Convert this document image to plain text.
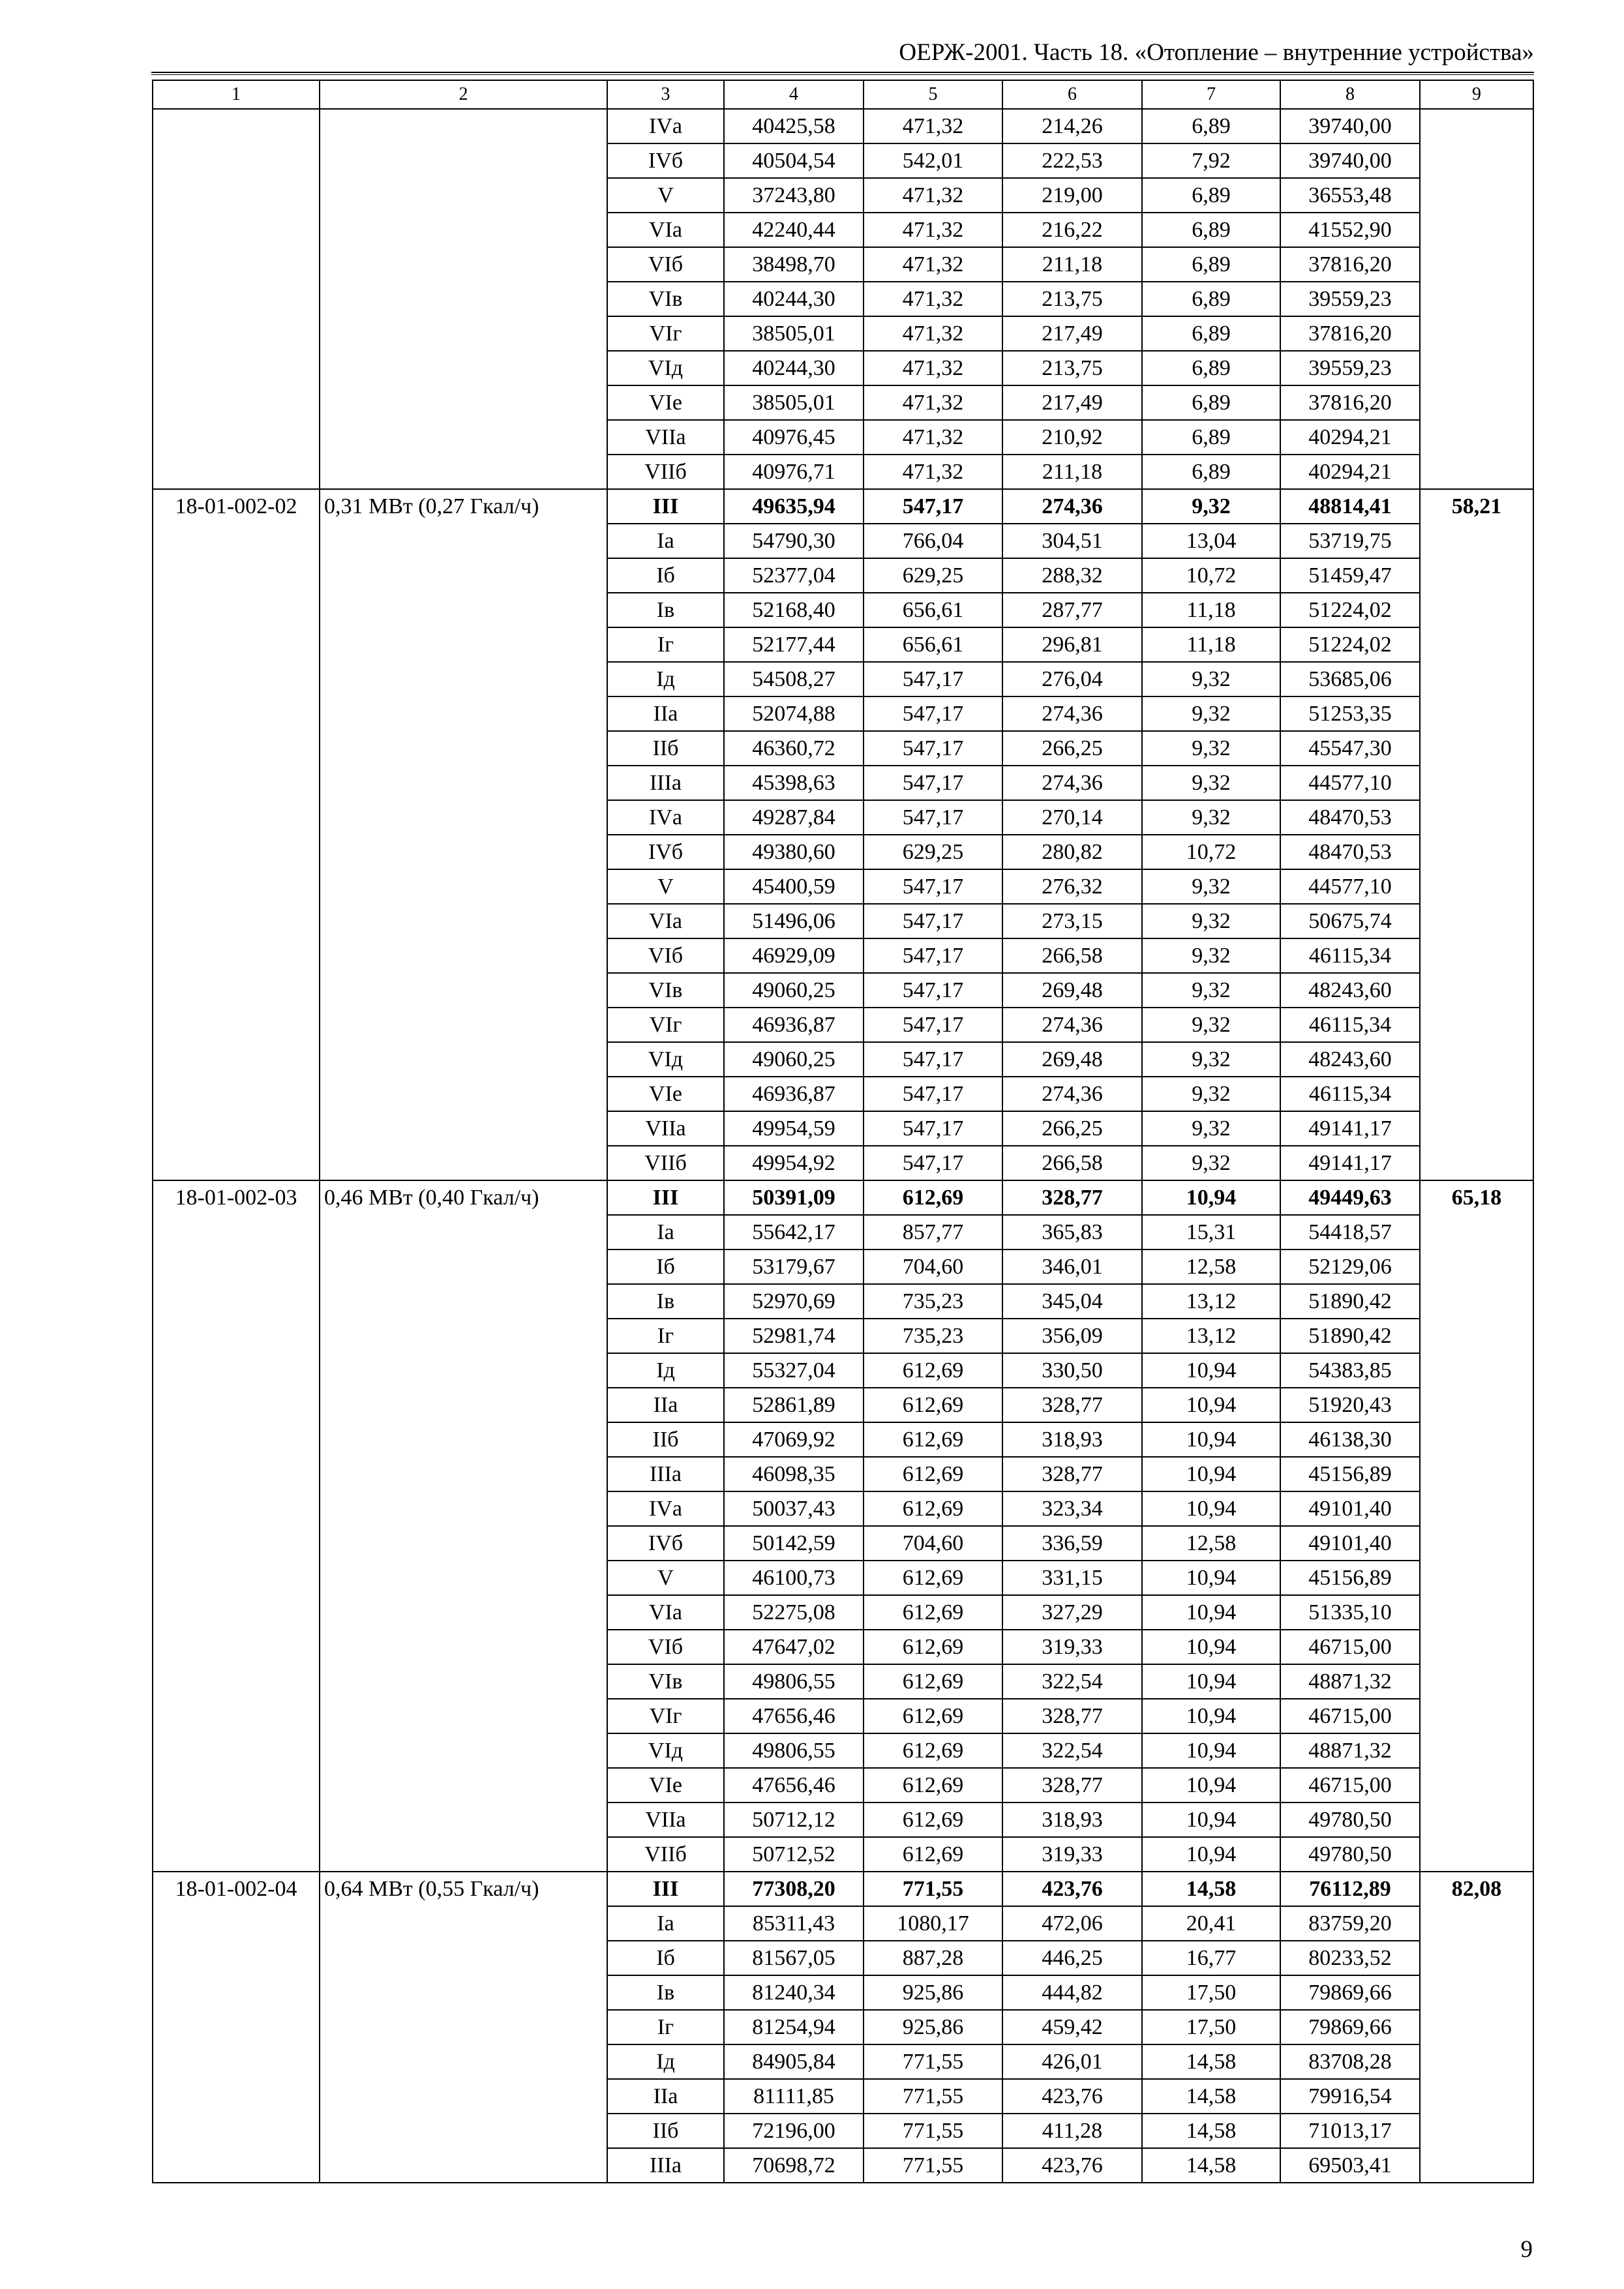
ОЕРЖ-2001. Часть 18. «Отопление – внутренние устройства»
1	2	3	4	5	6	7	8	9
		IVа	40425,58	471,32	214,26	6,89	39740,00	
		IVб	40504,54	542,01	222,53	7,92	39740,00	
		V	37243,80	471,32	219,00	6,89	36553,48	
		VIа	42240,44	471,32	216,22	6,89	41552,90	
		VIб	38498,70	471,32	211,18	6,89	37816,20	
		VIв	40244,30	471,32	213,75	6,89	39559,23	
		VIг	38505,01	471,32	217,49	6,89	37816,20	
		VIд	40244,30	471,32	213,75	6,89	39559,23	
		VIе	38505,01	471,32	217,49	6,89	37816,20	
		VIIа	40976,45	471,32	210,92	6,89	40294,21	
		VIIб	40976,71	471,32	211,18	6,89	40294,21	
18-01-002-02	0,31 МВт (0,27 Гкал/ч)	III	49635,94	547,17	274,36	9,32	48814,41	58,21
		Iа	54790,30	766,04	304,51	13,04	53719,75	
		Iб	52377,04	629,25	288,32	10,72	51459,47	
		Iв	52168,40	656,61	287,77	11,18	51224,02	
		Iг	52177,44	656,61	296,81	11,18	51224,02	
		Iд	54508,27	547,17	276,04	9,32	53685,06	
		IIа	52074,88	547,17	274,36	9,32	51253,35	
		IIб	46360,72	547,17	266,25	9,32	45547,30	
		IIIа	45398,63	547,17	274,36	9,32	44577,10	
		IVа	49287,84	547,17	270,14	9,32	48470,53	
		IVб	49380,60	629,25	280,82	10,72	48470,53	
		V	45400,59	547,17	276,32	9,32	44577,10	
		VIа	51496,06	547,17	273,15	9,32	50675,74	
		VIб	46929,09	547,17	266,58	9,32	46115,34	
		VIв	49060,25	547,17	269,48	9,32	48243,60	
		VIг	46936,87	547,17	274,36	9,32	46115,34	
		VIд	49060,25	547,17	269,48	9,32	48243,60	
		VIе	46936,87	547,17	274,36	9,32	46115,34	
		VIIа	49954,59	547,17	266,25	9,32	49141,17	
		VIIб	49954,92	547,17	266,58	9,32	49141,17	
18-01-002-03	0,46 МВт (0,40 Гкал/ч)	III	50391,09	612,69	328,77	10,94	49449,63	65,18
		Iа	55642,17	857,77	365,83	15,31	54418,57	
		Iб	53179,67	704,60	346,01	12,58	52129,06	
		Iв	52970,69	735,23	345,04	13,12	51890,42	
		Iг	52981,74	735,23	356,09	13,12	51890,42	
		Iд	55327,04	612,69	330,50	10,94	54383,85	
		IIа	52861,89	612,69	328,77	10,94	51920,43	
		IIб	47069,92	612,69	318,93	10,94	46138,30	
		IIIа	46098,35	612,69	328,77	10,94	45156,89	
		IVа	50037,43	612,69	323,34	10,94	49101,40	
		IVб	50142,59	704,60	336,59	12,58	49101,40	
		V	46100,73	612,69	331,15	10,94	45156,89	
		VIа	52275,08	612,69	327,29	10,94	51335,10	
		VIб	47647,02	612,69	319,33	10,94	46715,00	
		VIв	49806,55	612,69	322,54	10,94	48871,32	
		VIг	47656,46	612,69	328,77	10,94	46715,00	
		VIд	49806,55	612,69	322,54	10,94	48871,32	
		VIе	47656,46	612,69	328,77	10,94	46715,00	
		VIIа	50712,12	612,69	318,93	10,94	49780,50	
		VIIб	50712,52	612,69	319,33	10,94	49780,50	
18-01-002-04	0,64 МВт (0,55 Гкал/ч)	III	77308,20	771,55	423,76	14,58	76112,89	82,08
		Iа	85311,43	1080,17	472,06	20,41	83759,20	
		Iб	81567,05	887,28	446,25	16,77	80233,52	
		Iв	81240,34	925,86	444,82	17,50	79869,66	
		Iг	81254,94	925,86	459,42	17,50	79869,66	
		Iд	84905,84	771,55	426,01	14,58	83708,28	
		IIа	81111,85	771,55	423,76	14,58	79916,54	
		IIб	72196,00	771,55	411,28	14,58	71013,17	
		IIIа	70698,72	771,55	423,76	14,58	69503,41	
9
